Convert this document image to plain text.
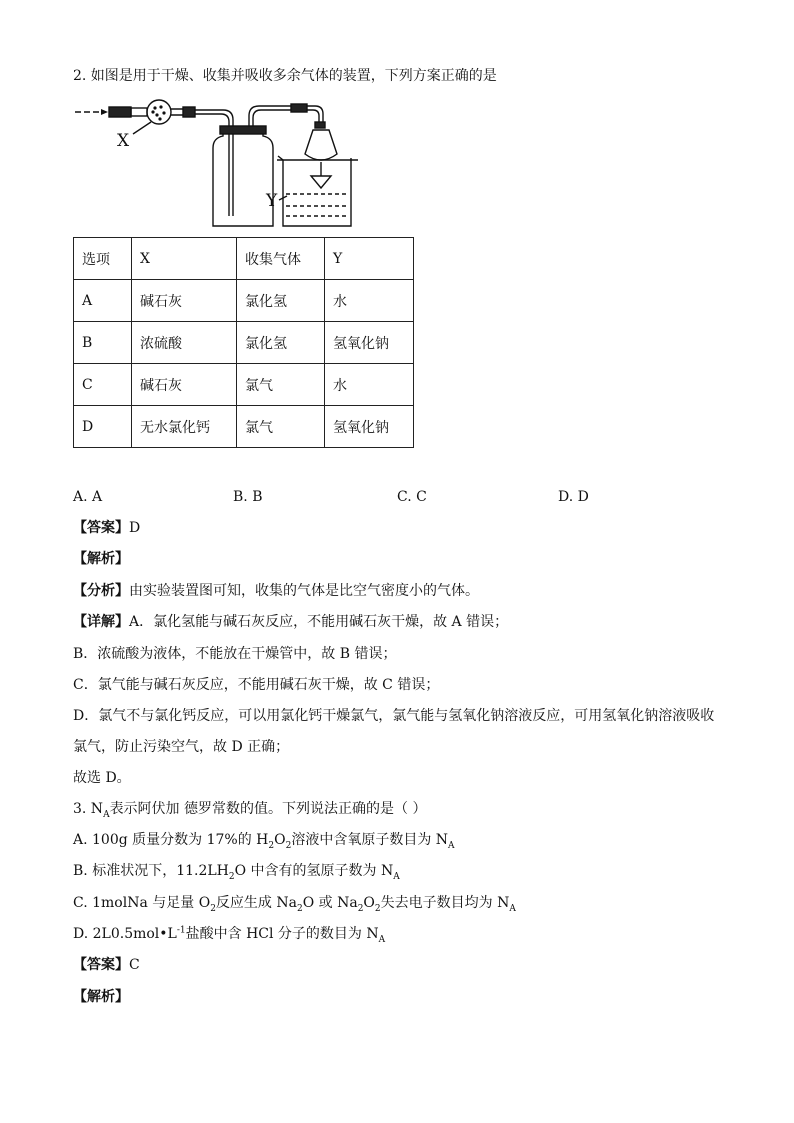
2. 如图是用于干燥、收集并吸收多余气体的装置，下列方案正确的是
X
Y
选项	X	收集气体	Y
A	碱石灰	氯化氢	水
B	浓硫酸	氯化氢	氢氧化钠
C	碱石灰	氯气	水
D	无水氯化钙	氯气	氢氧化钠
A. A	B. B	C. C	D. D
【答案】D
【解析】
【分析】由实验装置图可知，收集的气体是比空气密度小的气体。
【详解】A．氯化氢能与碱石灰反应，不能用碱石灰干燥，故 A 错误；
B．浓硫酸为液体，不能放在干燥管中，故 B 错误；
C．氯气能与碱石灰反应，不能用碱石灰干燥，故 C 错误；
D．氯气不与氯化钙反应，可以用氯化钙干燥氯气，氯气能与氢氧化钠溶液反应，可用氢氧化钠溶液吸收
氯气，防止污染空气，故 D 正确；
故选 D。
3. $N_A$表示阿伏加 德罗常数的值。下列说法正确的是（ ）
A. 100g 质量分数为 17%的 $H_2O_2$溶液中含氧原子数目为 $N_A$
B. 标准状况下，$11.2LH_2O$ 中含有的氢原子数为 $N_A$
C. 1molNa 与足量 $O_2$反应生成 $Na_2O$ 或 $Na_2O_2$失去电子数目均为 $N_A$
D. $2L0.5mol•L^{-1}$盐酸中含 HCl 分子的数目为 $N_A$
【答案】C
【解析】
